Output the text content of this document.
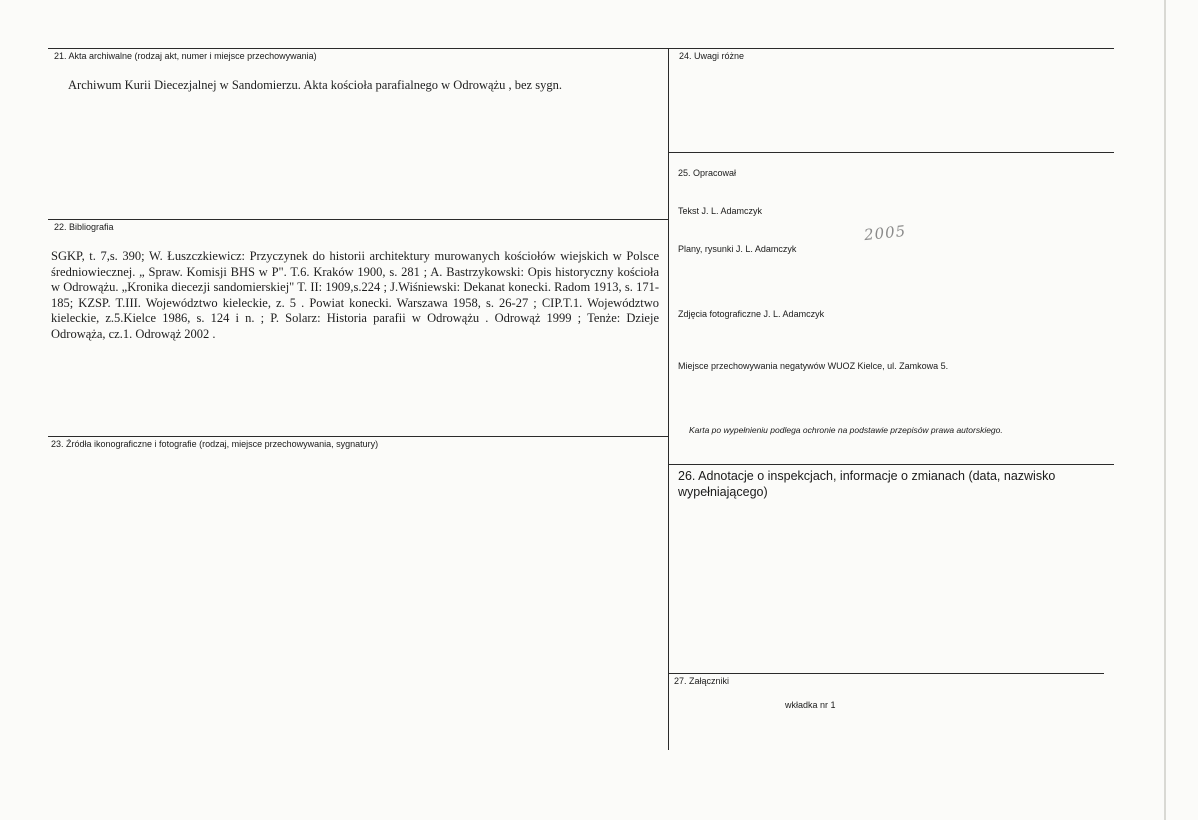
21. Akta archiwalne (rodzaj akt, numer i miejsce przechowywania)
Archiwum Kurii Diecezjalnej w Sandomierzu. Akta kościoła parafialnego w Odrowążu , bez sygn.
22. Bibliografia
SGKP, t. 7,s. 390; W. Łuszczkiewicz: Przyczynek do historii architektury murowanych kościołów wiejskich w Polsce średniowiecznej. „ Spraw. Komisji BHS w P". T.6. Kraków 1900, s. 281 ; A. Bastrzykowski: Opis historyczny kościoła w Odrowążu. „Kronika diecezji sandomierskiej" T. II: 1909,s.224 ; J.Wiśniewski: Dekanat konecki. Radom 1913, s. 171-185; KZSP. T.III. Województwo kieleckie, z. 5 . Powiat konecki. Warszawa 1958, s. 26-27 ; CIP.T.1. Województwo kieleckie, z.5.Kielce 1986, s. 124 i n. ; P. Solarz: Historia parafii w Odrowążu . Odrowąż 1999 ; Tenże: Dzieje Odrowąża, cz.1. Odrowąż 2002 .
23. Źródła ikonograficzne i fotografie (rodzaj, miejsce przechowywania, sygnatury)
24. Uwagi różne
25. Opracował
Tekst J. L. Adamczyk
2005
Plany, rysunki J. L. Adamczyk
Zdjęcia fotograficzne J. L. Adamczyk
Miejsce przechowywania negatywów WUOZ Kielce, ul. Zamkowa 5.
Karta po wypełnieniu podlega ochronie na podstawie przepisów prawa autorskiego.
26. Adnotacje o inspekcjach, informacje o zmianach (data, nazwisko wypełniającego)
27. Załączniki
wkładka nr 1
